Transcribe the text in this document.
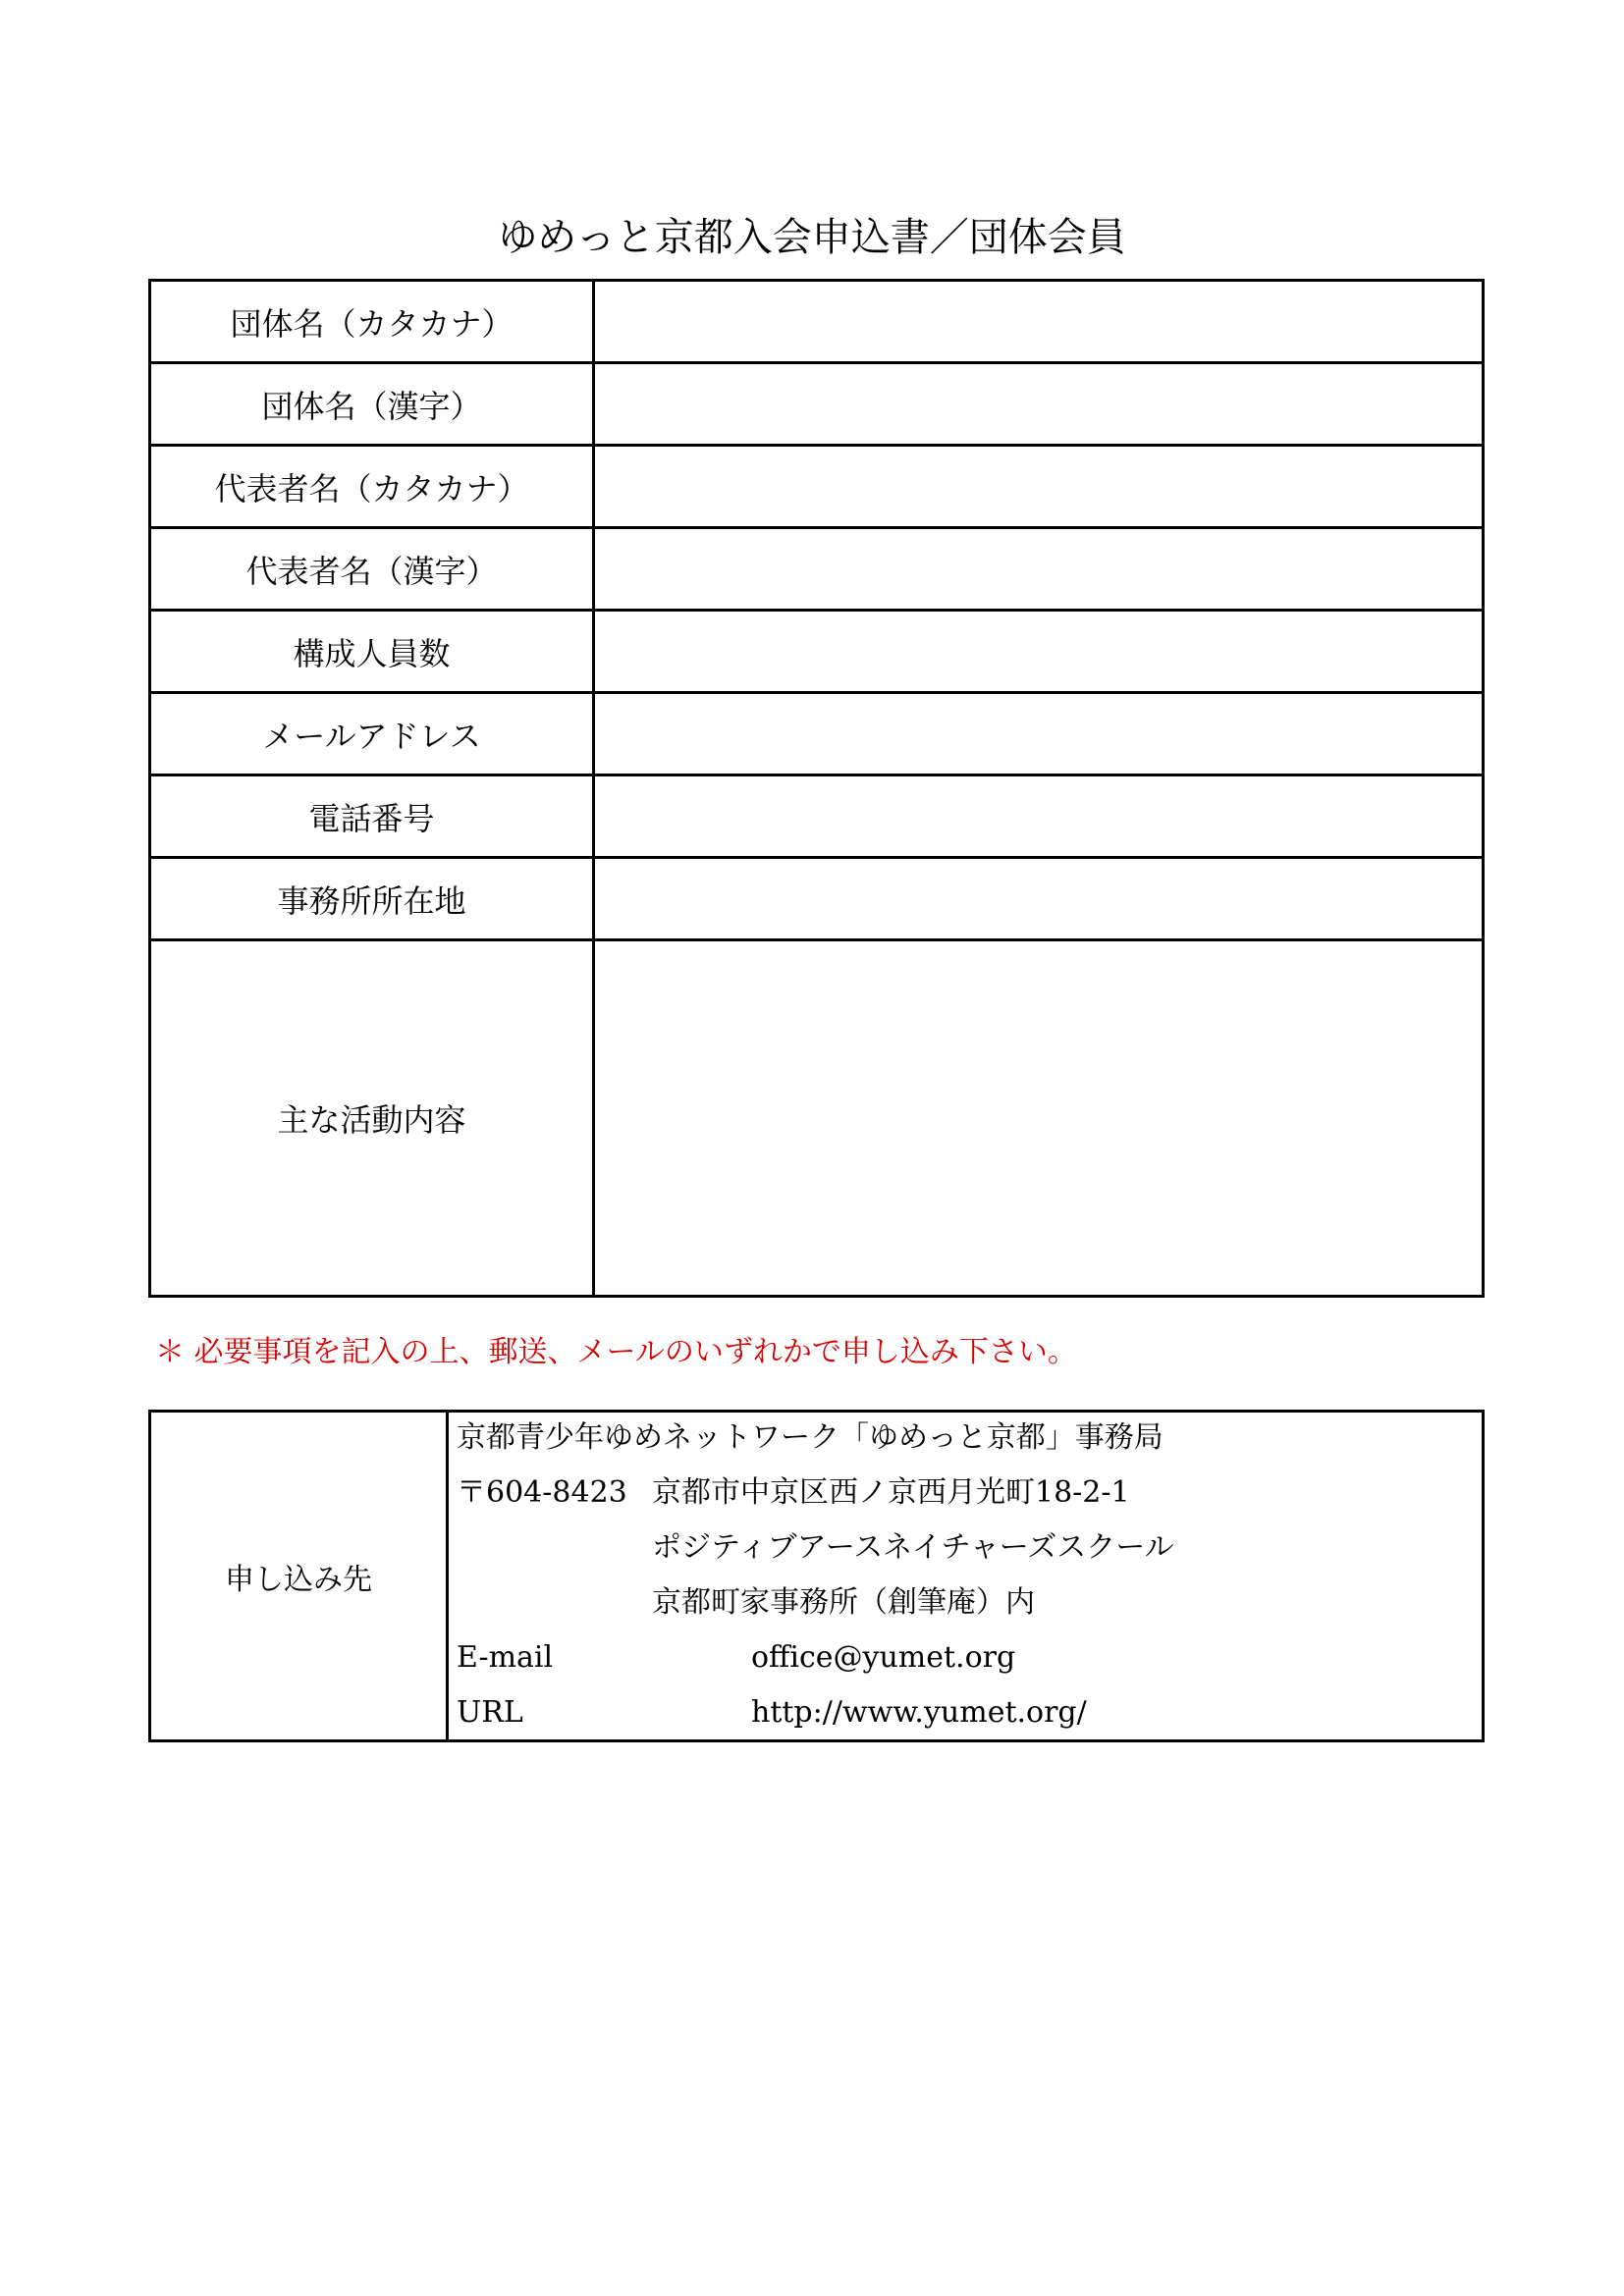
ゆめっと京都入会申込書／団体会員
団体名（カタカナ）
団体名（漢字）
代表者名（カタカナ）
代表者名（漢字）
構成人員数
メールアドレス
電話番号
事務所所在地
主な活動内容
＊ 必要事項を記入の上、郵送、メールのいずれかで申し込み下さい。
申し込み先
京都青少年ゆめネットワーク「ゆめっと京都」事務局
〒604-8423 京都市中京区西ノ京西月光町18-2-1
ポジティブアースネイチャーズスクール
京都町家事務所（創筆庵）内
E-mail	office@yumet.org
URL	http://www.yumet.org/
